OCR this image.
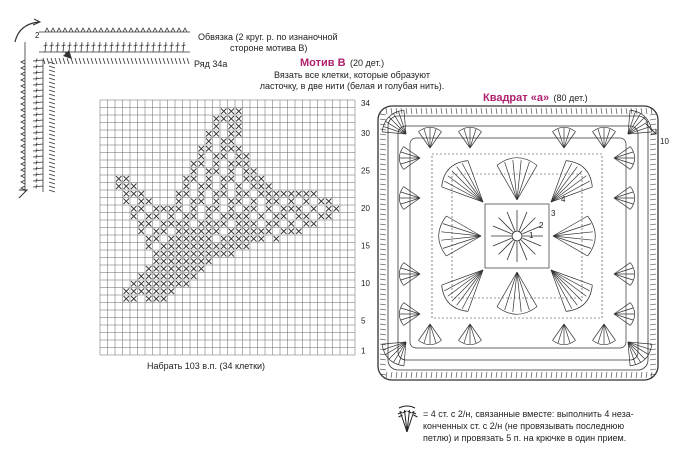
2	Обвязка (2 круг. р. по изнаночной
стороне мотива В)
Ряд 34а	Мотив В (20 дет.)
Вязать все клетки, которые образуют
ласточку, в две нити (белая и голубая нить).
34
30
25
20
15
10
5
1
Набрать 103 в.п. (34 клетки)
Квадрат «а» (80 дет.)
1
2
3
4
10
= 4 ст. с 2/н, связанные вместе: выполнить 4 неза-
конченных ст. с 2/н (не провязывать последнюю
петлю) и провязать 5 п. на крючке в один прием.
